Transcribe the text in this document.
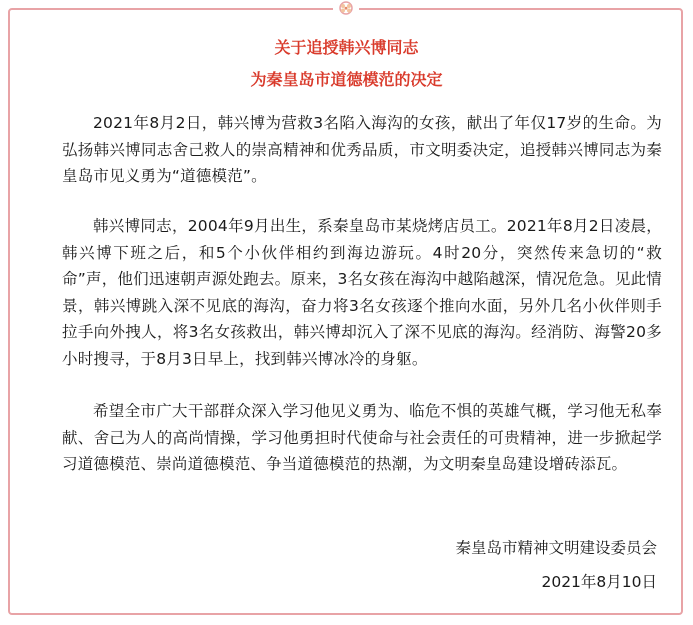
关于追授韩兴博同志
为秦皇岛市道德模范的决定
2021年8月2日，韩兴博为营救3名陷入海沟的女孩，献出了年仅17岁的生命。为弘扬韩兴博同志舍己救人的崇高精神和优秀品质，市文明委决定，追授韩兴博同志为秦皇岛市见义勇为“道德模范”。
韩兴博同志，2004年9月出生，系秦皇岛市某烧烤店员工。2021年8月2日凌晨，韩兴博下班之后，和5个小伙伴相约到海边游玩。4时20分，突然传来急切的“救命”声，他们迅速朝声源处跑去。原来，3名女孩在海沟中越陷越深，情况危急。见此情景，韩兴博跳入深不见底的海沟，奋力将3名女孩逐个推向水面，另外几名小伙伴则手拉手向外拽人，将3名女孩救出，韩兴博却沉入了深不见底的海沟。经消防、海警20多小时搜寻，于8月3日早上，找到韩兴博冰冷的身躯。
希望全市广大干部群众深入学习他见义勇为、临危不惧的英雄气概，学习他无私奉献、舍己为人的高尚情操，学习他勇担时代使命与社会责任的可贵精神，进一步掀起学习道德模范、崇尚道德模范、争当道德模范的热潮，为文明秦皇岛建设增砖添瓦。
秦皇岛市精神文明建设委员会
2021年8月10日
